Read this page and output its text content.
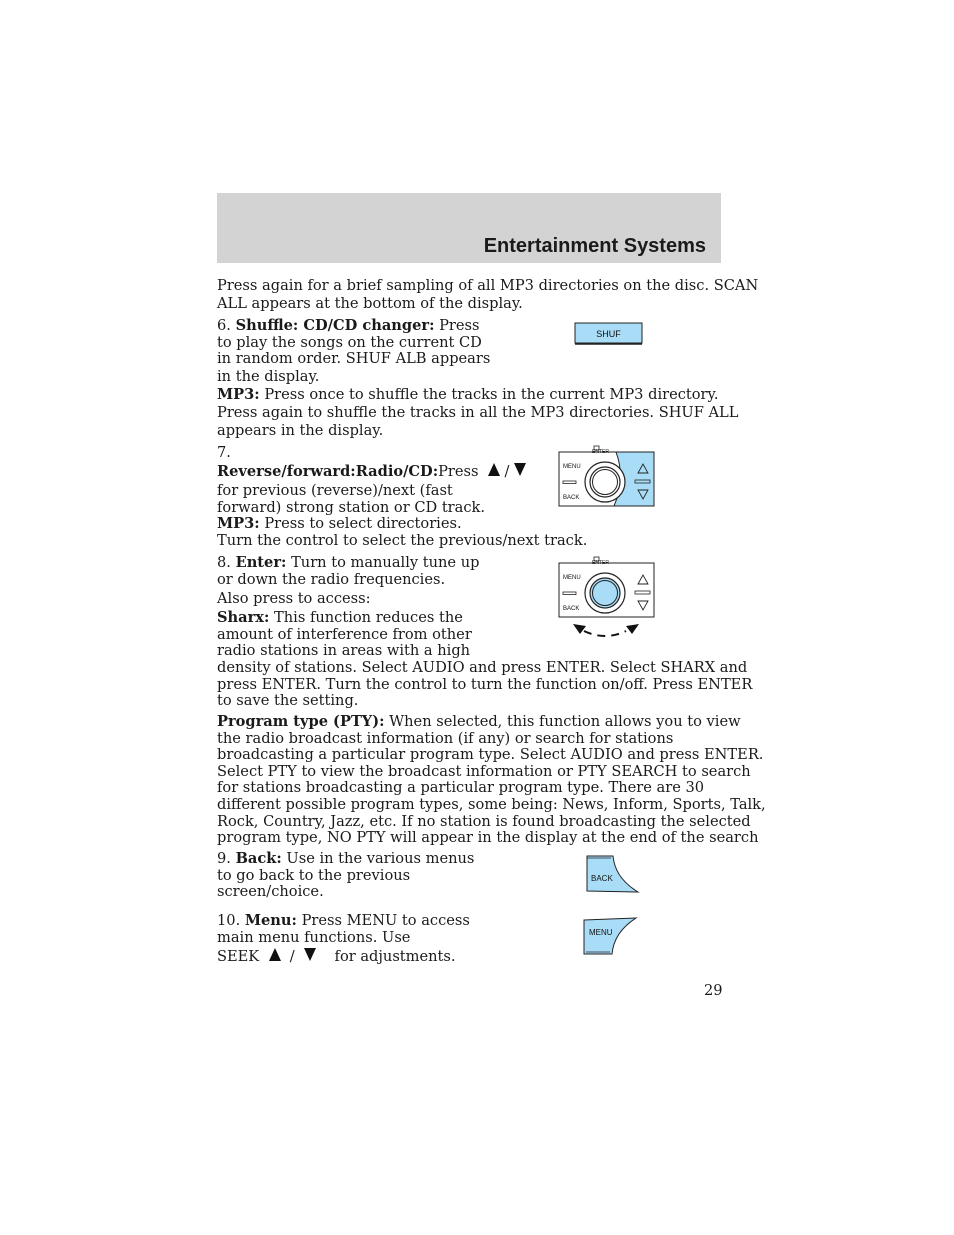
Entertainment Systems
Press again for a brief sampling of all MP3 directories on the disc. SCAN
ALL appears at the bottom of the display.
6. Shuffle: CD/CD changer: Press
to play the songs on the current CD
in random order. SHUF ALB appears
in the display.
MP3: Press once to shuffle the tracks in the current MP3 directory.
Press again to shuffle the tracks in all the MP3 directories. SHUF ALL
appears in the display.
SHUF
7.
Reverse/forward:Radio/CD:Press /
for previous (reverse)/next (fast
forward) strong station or CD track.
MP3: Press to select directories.
Turn the control to select the previous/next track.
ENTER
MENU
BACK
8. Enter: Turn to manually tune up
or down the radio frequencies.
Also press to access:
Sharx: This function reduces the
amount of interference from other
radio stations in areas with a high
density of stations. Select AUDIO and press ENTER. Select SHARX and
press ENTER. Turn the control to turn the function on/off. Press ENTER
to save the setting.
ENTER
MENU
BACK
Program type (PTY): When selected, this function allows you to view
the radio broadcast information (if any) or search for stations
broadcasting a particular program type. Select AUDIO and press ENTER.
Select PTY to view the broadcast information or PTY SEARCH to search
for stations broadcasting a particular program type. There are 30
different possible program types, some being: News, Inform, Sports, Talk,
Rock, Country, Jazz, etc. If no station is found broadcasting the selected
program type, NO PTY will appear in the display at the end of the search
9. Back: Use in the various menus
to go back to the previous
screen/choice.
BACK
10. Menu: Press MENU to access
main menu functions. Use
SEEK /	for adjustments.
MENU
29
